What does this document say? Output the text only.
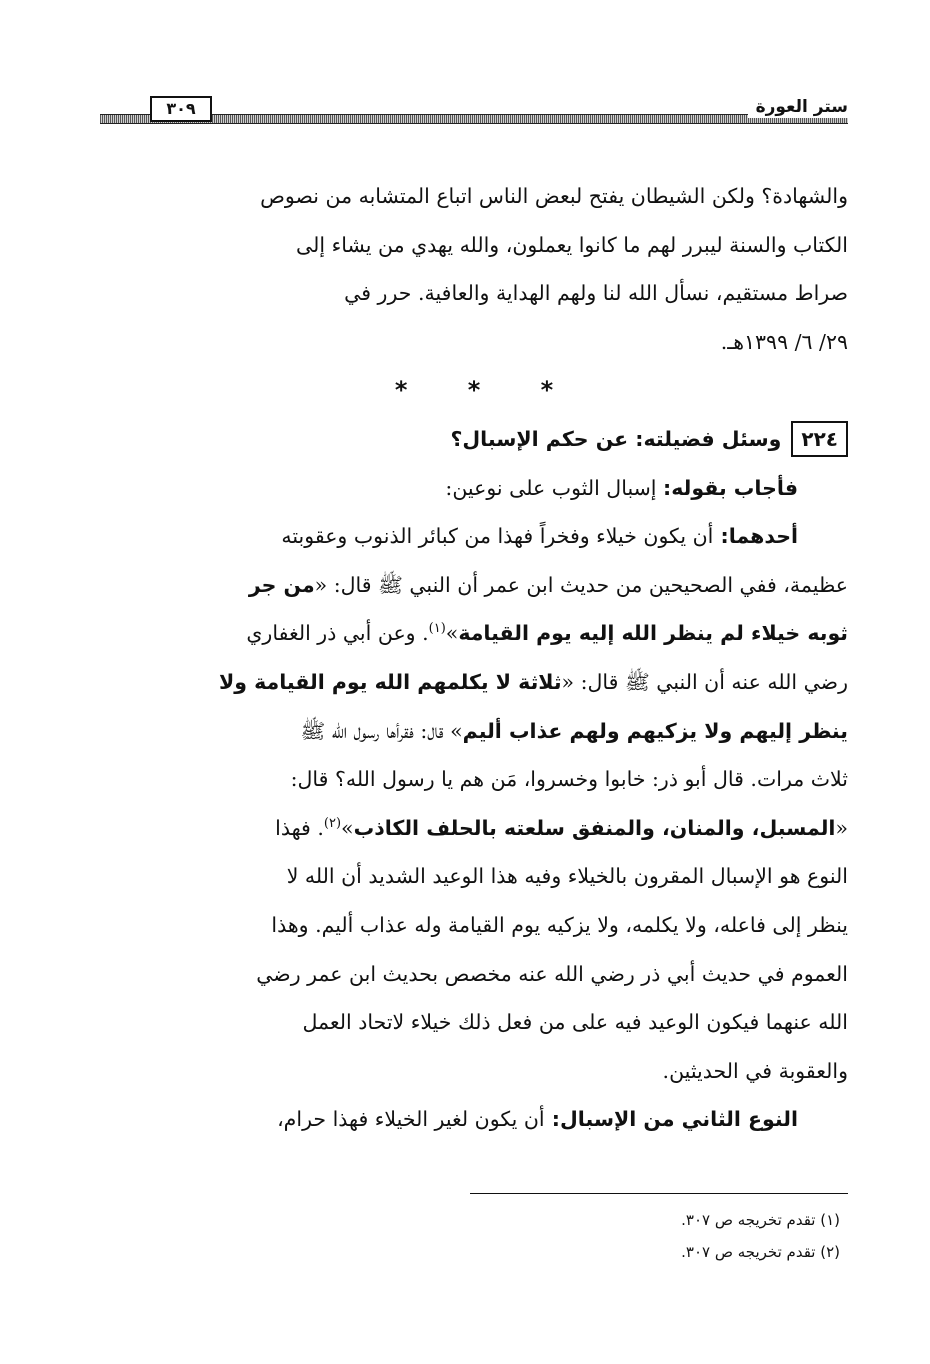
ستر العورة
٣٠٩

والشهادة؟ ولكن الشيطان يفتح لبعض الناس اتباع المتشابه من نصوص

الكتاب والسنة ليبرر لهم ما كانوا يعملون، والله يهدي من يشاء إلى

صراط مستقيم، نسأل الله لنا ولهم الهداية والعافية. حرر في

٢٩/ ٦/ ١٣٩٩هـ.

* * *

٢٢٤
وسئل فضيلته: عن حكم الإسبال؟

فأجاب بقوله: إسبال الثوب على نوعين:

أحدهما: أن يكون خيلاء وفخراً فهذا من كبائر الذنوب وعقوبته

عظيمة، ففي الصحيحين من حديث ابن عمر أن النبي ﷺ قال: «من جر

ثوبه خيلاء لم ينظر الله إليه يوم القيامة»$^{(١)}$. وعن أبي ذر الغفاري

رضي الله عنه أن النبي ﷺ قال: «ثلاثة لا يكلمهم الله يوم القيامة ولا

ينظر إليهم ولا يزكيهم ولهم عذاب أليم» قال: فقرأها رسول الله ﷺ

ثلاث مرات. قال أبو ذر: خابوا وخسروا، مَن هم يا رسول الله؟ قال:

«المسبل، والمنان، والمنفق سلعته بالحلف الكاذب»$^{(٢)}$. فهذا

النوع هو الإسبال المقرون بالخيلاء وفيه هذا الوعيد الشديد أن الله لا

ينظر إلى فاعله، ولا يكلمه، ولا يزكيه يوم القيامة وله عذاب أليم. وهذا

العموم في حديث أبي ذر رضي الله عنه مخصص بحديث ابن عمر رضي

الله عنهما فيكون الوعيد فيه على من فعل ذلك خيلاء لاتحاد العمل

والعقوبة في الحديثين.

النوع الثاني من الإسبال: أن يكون لغير الخيلاء فهذا حرام،

(١) تقدم تخريجه ص ٣٠٧.
(٢) تقدم تخريجه ص ٣٠٧.
